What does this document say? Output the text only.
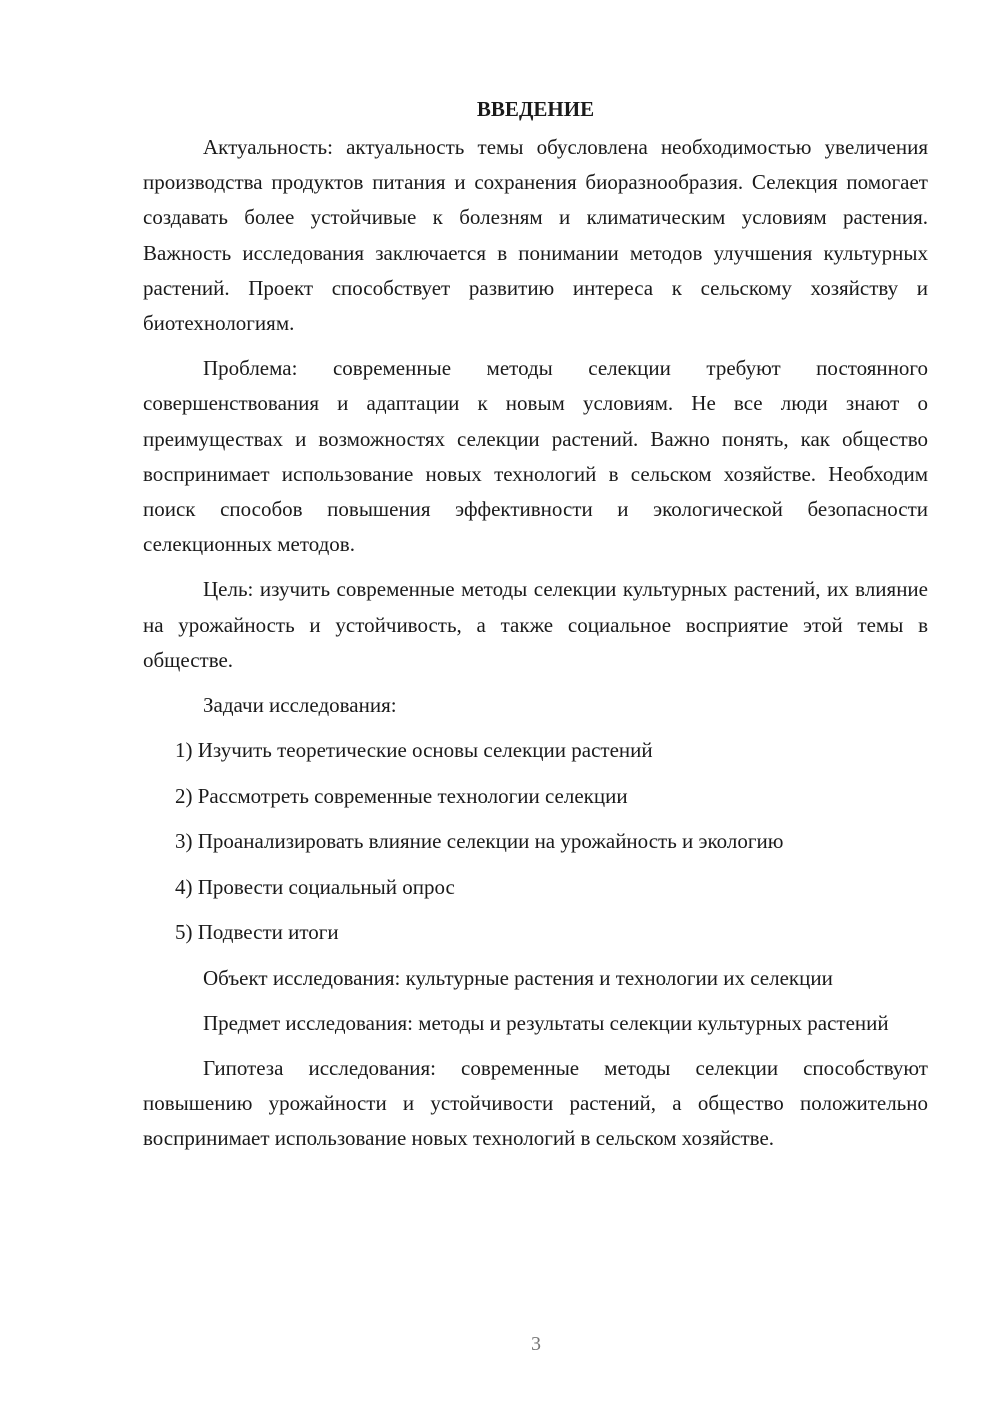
ВВЕДЕНИЕ

Актуальность: актуальность темы обусловлена необходимостью увеличения производства продуктов питания и сохранения биоразнообразия. Селекция помогает создавать более устойчивые к болезням и климатическим условиям растения. Важность исследования заключается в понимании методов улучшения культурных растений. Проект способствует развитию интереса к сельскому хозяйству и биотехнологиям.

Проблема: современные методы селекции требуют постоянного совершенствования и адаптации к новым условиям. Не все люди знают о преимуществах и возможностях селекции растений. Важно понять, как общество воспринимает использование новых технологий в сельском хозяйстве. Необходим поиск способов повышения эффективности и экологической безопасности селекционных методов.

Цель: изучить современные методы селекции культурных растений, их влияние на урожайность и устойчивость, а также социальное восприятие этой темы в обществе.

Задачи исследования:
1) Изучить теоретические основы селекции растений
2) Рассмотреть современные технологии селекции
3) Проанализировать влияние селекции на урожайность и экологию
4) Провести социальный опрос
5) Подвести итоги

Объект исследования: культурные растения и технологии их селекции

Предмет исследования: методы и результаты селекции культурных растений

Гипотеза исследования: современные методы селекции способствуют повышению урожайности и устойчивости растений, а общество положительно воспринимает использование новых технологий в сельском хозяйстве.

3
